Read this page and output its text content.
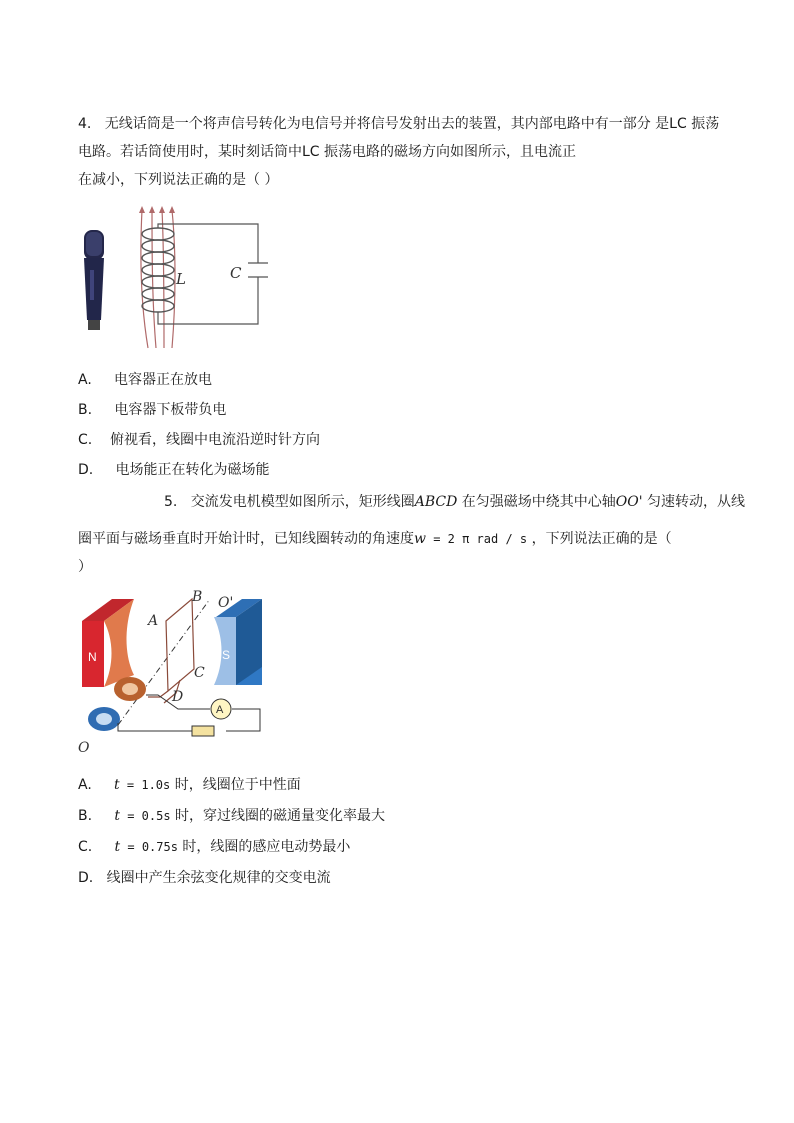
4. 无线话筒是一个将声信号转化为电信号并将信号发射出去的装置，其内部电路中有一部分 是LC 振荡
电路。若话筒使用时，某时刻话筒中LC 振荡电路的磁场方向如图所示，且电流正
在减小，下列说法正确的是（ ）
L	C
A. 电容器正在放电
B. 电容器下板带负电
C. 俯视看，线圈中电流沿逆时针方向
D. 电场能正在转化为磁场能
5. 交流发电机模型如图所示，矩形线圈ABCD 在匀强磁场中绕其中心轴OO' 匀速转动，从线
圈平面与磁场垂直时开始计时，已知线圈转动的角速度w = 2 π rad / s ，下列说法正确的是（
）
N	S
A
A
B O'
C
D
O
A. t = 1.0s 时，线圈位于中性面
B. t = 0.5s 时，穿过线圈的磁通量变化率最大
C. t = 0.75s 时，线圈的感应电动势最小
D. 线圈中产生余弦变化规律的交变电流
